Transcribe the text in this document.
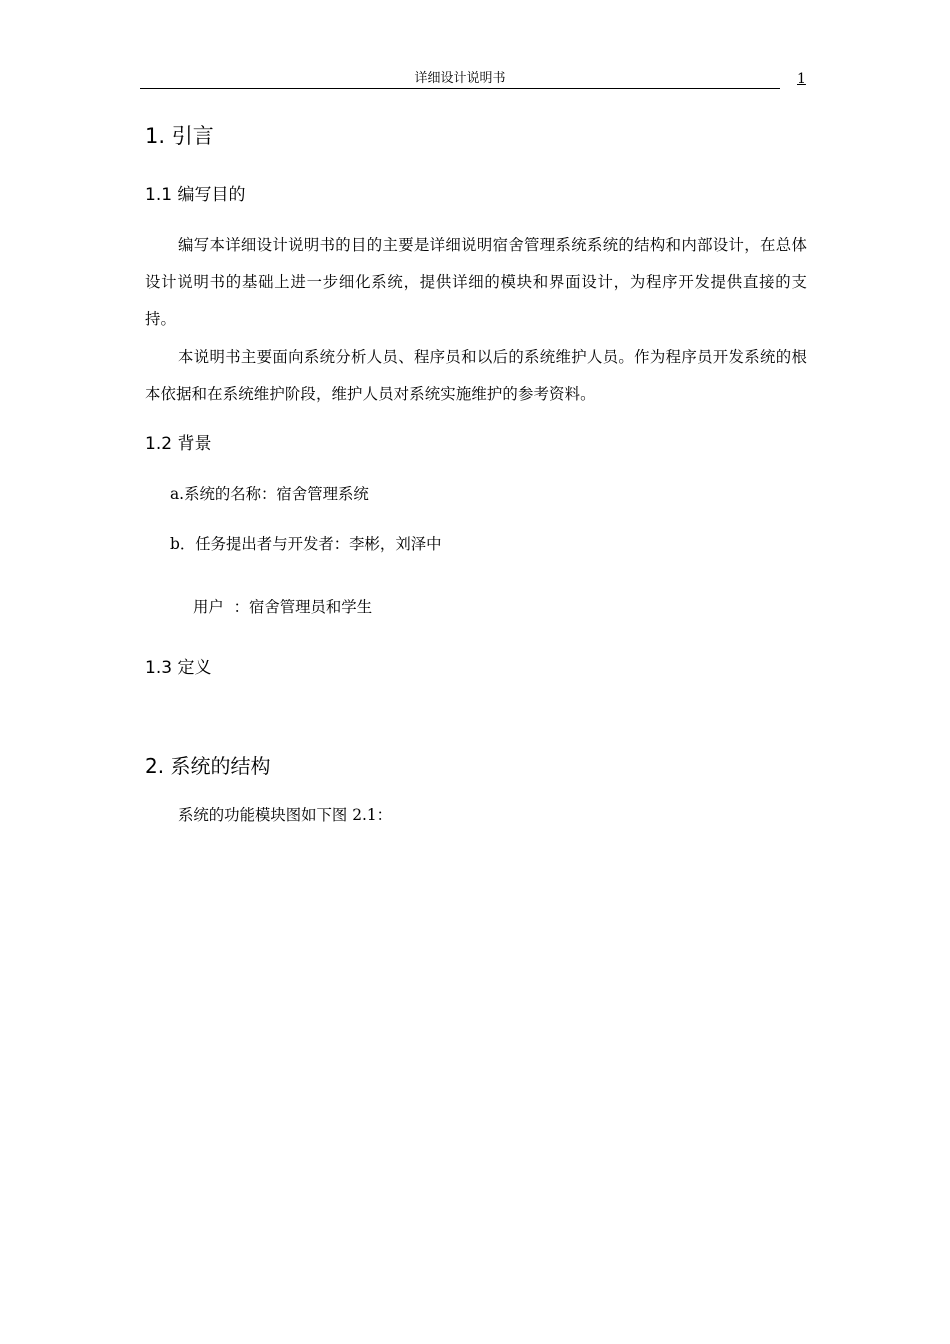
详细设计说明书	1
1. 引言
1.1 编写目的
编写本详细设计说明书的目的主要是详细说明宿舍管理系统系统的结构和内部设计，在总体设计说明书的基础上进一步细化系统，提供详细的模块和界面设计，为程序开发提供直接的支持。
本说明书主要面向系统分析人员、程序员和以后的系统维护人员。作为程序员开发系统的根本依据和在系统维护阶段，维护人员对系统实施维护的参考资料。
1.2 背景
a.系统的名称：宿舍管理系统
b．任务提出者与开发者：李彬，刘泽中
用户  ：宿舍管理员和学生
1.3 定义
2. 系统的结构
系统的功能模块图如下图 2.1：
